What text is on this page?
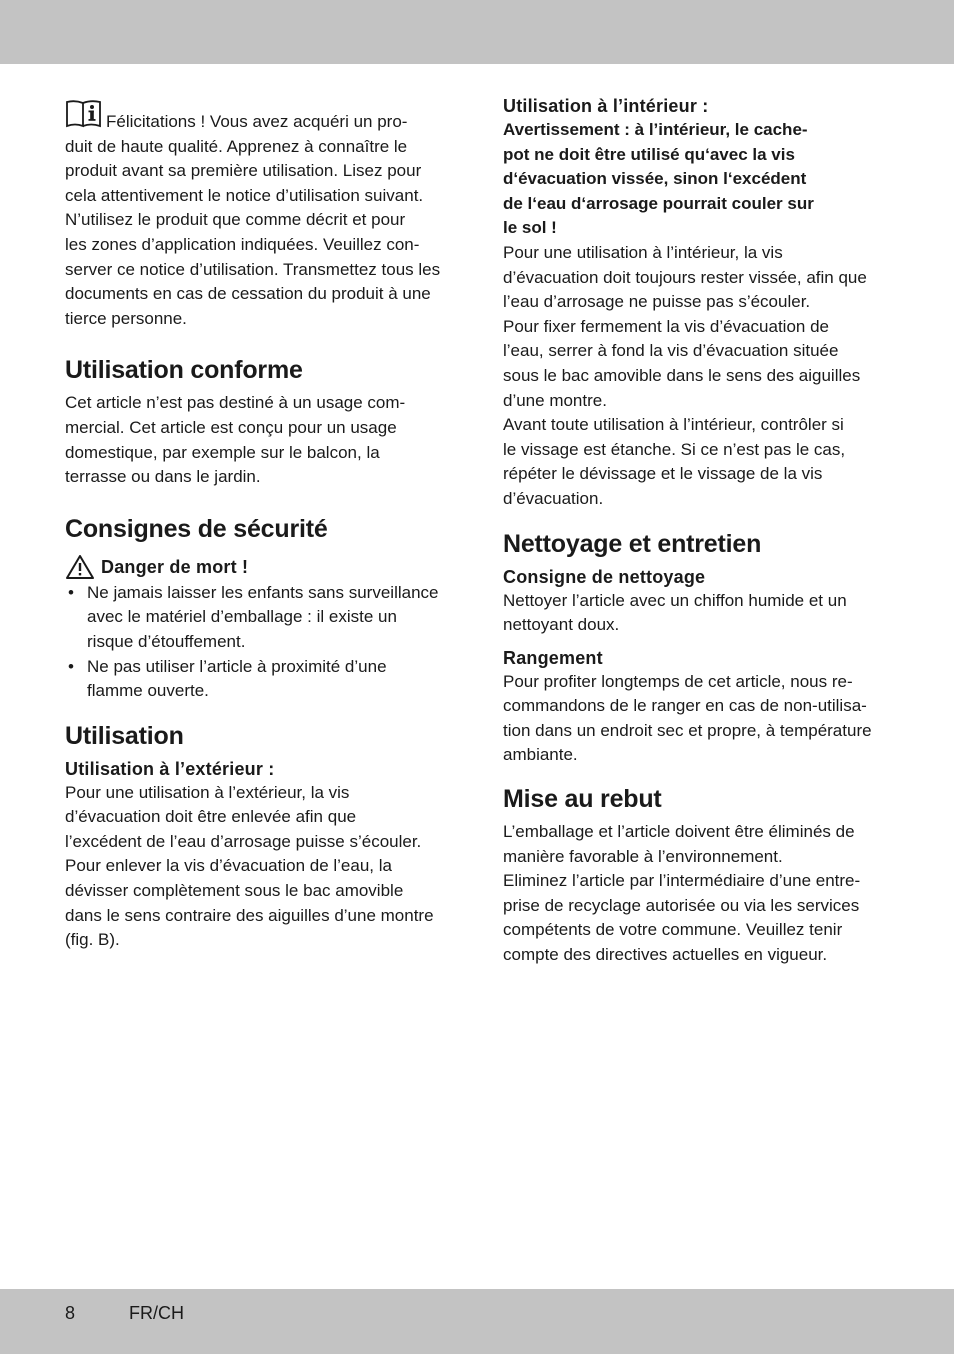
Félicitations ! Vous avez acquéri un pro-
duit de haute qualité. Apprenez à connaître le
produit avant sa première utilisation. Lisez pour
cela attentivement le notice d’utilisation suivant.
N’utilisez le produit que comme décrit et pour
les zones d’application indiquées. Veuillez con-
server ce notice d’utilisation. Transmettez tous les
documents en cas de cessation du produit à une
tierce personne.

Utilisation conforme

Cet article n’est pas destiné à un usage com-
mercial. Cet article est conçu pour un usage
domestique, par exemple sur le balcon, la
terrasse ou dans le jardin.

Consignes de sécurité
Danger de mort !
• Ne jamais laisser les enfants sans surveillance
avec le matériel d’emballage : il existe un
risque d’étouffement.
• Ne pas utiliser l’article à proximité d’une
flamme ouverte.
Utilisation
Utilisation à l’extérieur :

Pour une utilisation à l’extérieur, la vis
d’évacuation doit être enlevée afin que
l’excédent de l’eau d’arrosage puisse s’écouler.
Pour enlever la vis d’évacuation de l’eau, la
dévisser complètement sous le bac amovible
dans le sens contraire des aiguilles d’une montre
(fig. B).

Utilisation à l’intérieur :

Avertissement : à l’intérieur, le cache-
pot ne doit être utilisé qu‘avec la vis
d‘évacuation vissée, sinon l‘excédent
de l‘eau d‘arrosage pourrait couler sur
le sol !

Pour une utilisation à l’intérieur, la vis
d’évacuation doit toujours rester vissée, afin que
l’eau d’arrosage ne puisse pas s’écouler.
Pour fixer fermement la vis d’évacuation de
l’eau, serrer à fond la vis d’évacuation située
sous le bac amovible dans le sens des aiguilles
d’une montre.
Avant toute utilisation à l’intérieur, contrôler si
le vissage est étanche. Si ce n’est pas le cas,
répéter le dévissage et le vissage de la vis
d’évacuation.

Nettoyage et entretien
Consigne de nettoyage

Nettoyer l’article avec un chiffon humide et un
nettoyant doux.

Rangement

Pour profiter longtemps de cet article, nous re-
commandons de le ranger en cas de non-utilisa-
tion dans un endroit sec et propre, à température
ambiante.

Mise au rebut

L’emballage et l’article doivent être éliminés de
manière favorable à l’environnement.
Eliminez l’article par l’intermédiaire d’une entre-
prise de recyclage autorisée ou via les services
compétents de votre commune. Veuillez tenir
compte des directives actuelles en vigueur.

8	FR/CH
